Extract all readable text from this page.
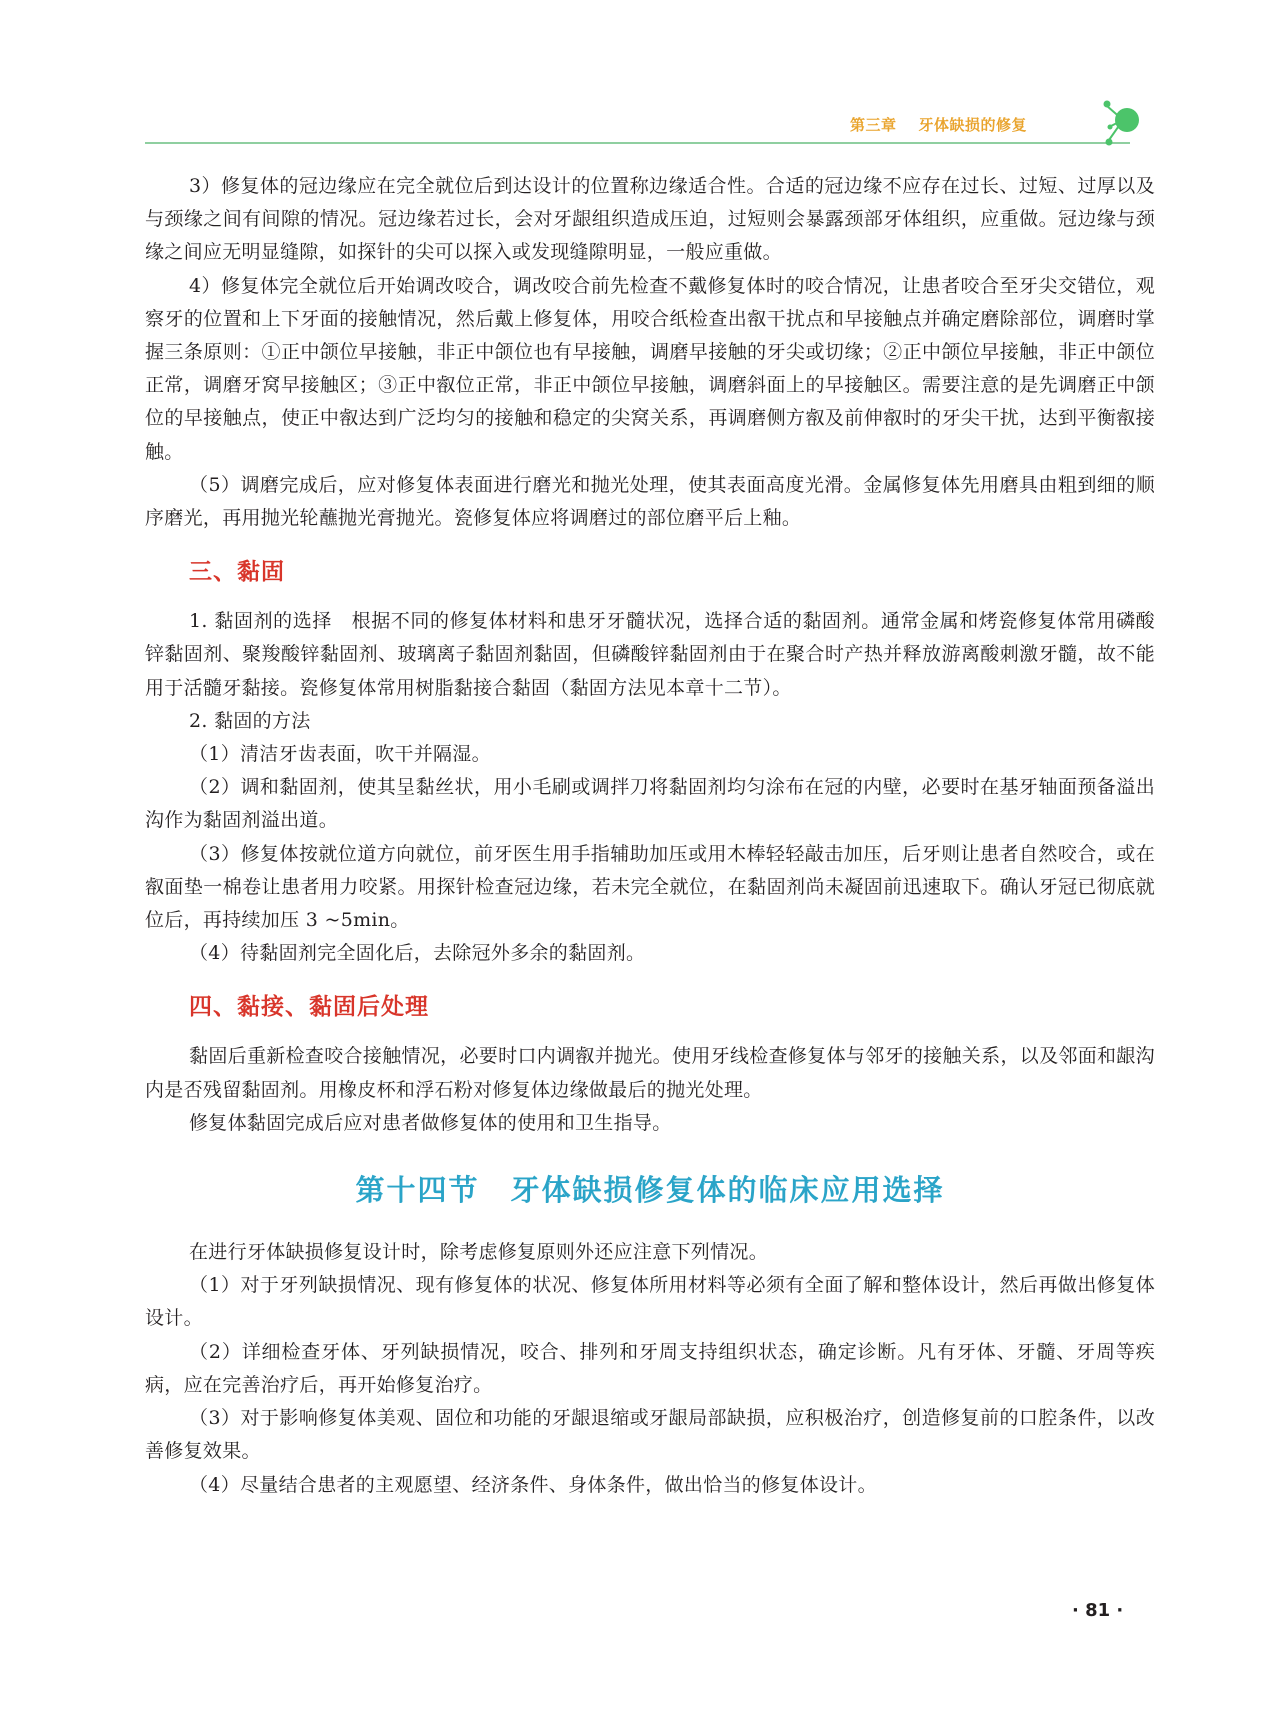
第三章 牙体缺损的修复

3）修复体的冠边缘应在完全就位后到达设计的位置称边缘适合性。合适的冠边缘不应存在过长、过短、过厚以及与颈缘之间有间隙的情况。冠边缘若过长，会对牙龈组织造成压迫，过短则会暴露颈部牙体组织，应重做。冠边缘与颈缘之间应无明显缝隙，如探针的尖可以探入或发现缝隙明显，一般应重做。

4）修复体完全就位后开始调改咬合，调改咬合前先检查不戴修复体时的咬合情况，让患者咬合至牙尖交错位，观察牙的位置和上下牙面的接触情况，然后戴上修复体，用咬合纸检查出㕡干扰点和早接触点并确定磨除部位，调磨时掌握三条原则：①正中颌位早接触，非正中颌位也有早接触，调磨早接触的牙尖或切缘；②正中颌位早接触，非正中颌位正常，调磨牙窝早接触区；③正中㕡位正常，非正中颌位早接触，调磨斜面上的早接触区。需要注意的是先调磨正中颌位的早接触点，使正中㕡达到广泛均匀的接触和稳定的尖窝关系，再调磨侧方㕡及前伸㕡时的牙尖干扰，达到平衡㕡接触。

（5）调磨完成后，应对修复体表面进行磨光和抛光处理，使其表面高度光滑。金属修复体先用磨具由粗到细的顺序磨光，再用抛光轮蘸抛光膏抛光。瓷修复体应将调磨过的部位磨平后上釉。

三、黏固

1. 黏固剂的选择　根据不同的修复体材料和患牙牙髓状况，选择合适的黏固剂。通常金属和烤瓷修复体常用磷酸锌黏固剂、聚羧酸锌黏固剂、玻璃离子黏固剂黏固，但磷酸锌黏固剂由于在聚合时产热并释放游离酸刺激牙髓，故不能用于活髓牙黏接。瓷修复体常用树脂黏接合黏固（黏固方法见本章十二节）。

2. 黏固的方法

（1）清洁牙齿表面，吹干并隔湿。

（2）调和黏固剂，使其呈黏丝状，用小毛刷或调拌刀将黏固剂均匀涂布在冠的内壁，必要时在基牙轴面预备溢出沟作为黏固剂溢出道。

（3）修复体按就位道方向就位，前牙医生用手指辅助加压或用木棒轻轻敲击加压，后牙则让患者自然咬合，或在㕡面垫一棉卷让患者用力咬紧。用探针检查冠边缘，若未完全就位，在黏固剂尚未凝固前迅速取下。确认牙冠已彻底就位后，再持续加压 3 ~5min。

（4）待黏固剂完全固化后，去除冠外多余的黏固剂。

四、黏接、黏固后处理

黏固后重新检查咬合接触情况，必要时口内调㕡并抛光。使用牙线检查修复体与邻牙的接触关系，以及邻面和龈沟内是否残留黏固剂。用橡皮杯和浮石粉对修复体边缘做最后的抛光处理。

修复体黏固完成后应对患者做修复体的使用和卫生指导。

第十四节　牙体缺损修复体的临床应用选择

在进行牙体缺损修复设计时，除考虑修复原则外还应注意下列情况。

（1）对于牙列缺损情况、现有修复体的状况、修复体所用材料等必须有全面了解和整体设计，然后再做出修复体设计。

（2）详细检查牙体、牙列缺损情况，咬合、排列和牙周支持组织状态，确定诊断。凡有牙体、牙髓、牙周等疾病，应在完善治疗后，再开始修复治疗。

（3）对于影响修复体美观、固位和功能的牙龈退缩或牙龈局部缺损，应积极治疗，创造修复前的口腔条件，以改善修复效果。

（4）尽量结合患者的主观愿望、经济条件、身体条件，做出恰当的修复体设计。

· 81 ·
